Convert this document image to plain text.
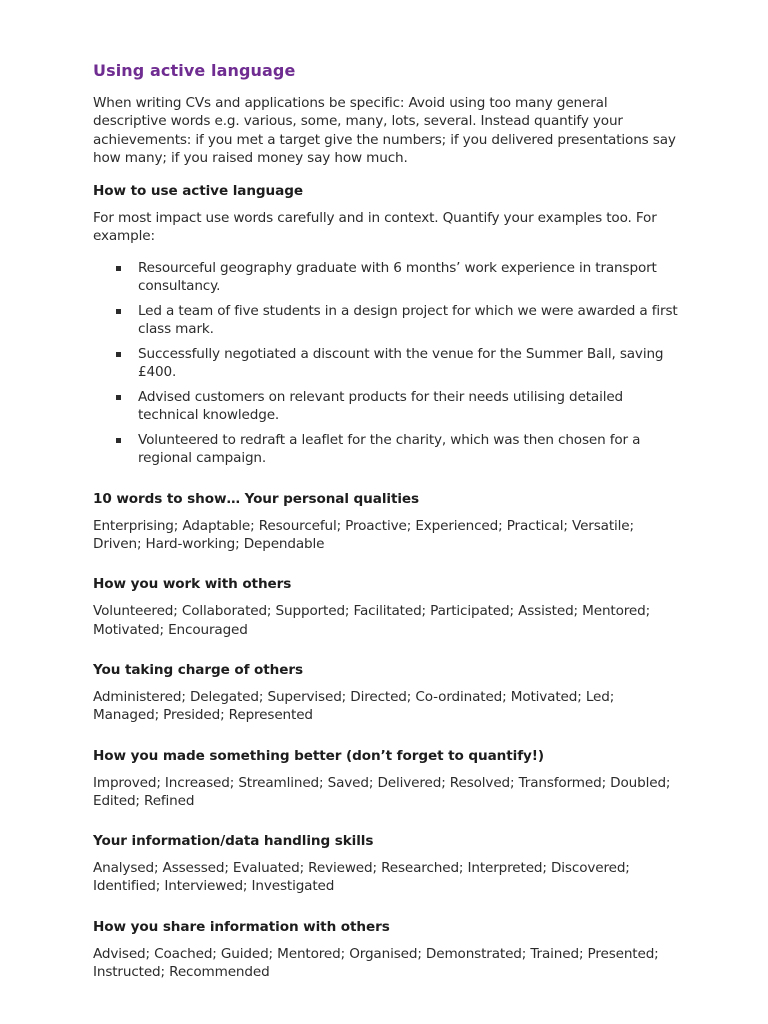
Using active language

When writing CVs and applications be specific: Avoid using too many general descriptive words e.g. various, some, many, lots, several. Instead quantify your achievements: if you met a target give the numbers; if you delivered presentations say how many; if you raised money say how much.

How to use active language

For most impact use words carefully and in context. Quantify your examples too. For example:

Resourceful geography graduate with 6 months’ work experience in transport consultancy.
Led a team of five students in a design project for which we were awarded a first class mark.
Successfully negotiated a discount with the venue for the Summer Ball, saving £400.
Advised customers on relevant products for their needs utilising detailed technical knowledge.
Volunteered to redraft a leaflet for the charity, which was then chosen for a regional campaign.
10 words to show… Your personal qualities

Enterprising; Adaptable; Resourceful; Proactive; Experienced; Practical; Versatile; Driven; Hard-working; Dependable

How you work with others

Volunteered; Collaborated; Supported; Facilitated; Participated; Assisted; Mentored; Motivated; Encouraged

You taking charge of others

Administered; Delegated; Supervised; Directed; Co-ordinated; Motivated; Led; Managed; Presided; Represented

How you made something better (don’t forget to quantify!)

Improved; Increased; Streamlined; Saved; Delivered; Resolved; Transformed; Doubled; Edited; Refined

Your information/data handling skills

Analysed; Assessed; Evaluated; Reviewed; Researched; Interpreted; Discovered; Identified; Interviewed; Investigated

How you share information with others

Advised; Coached; Guided; Mentored; Organised; Demonstrated; Trained; Presented; Instructed; Recommended
